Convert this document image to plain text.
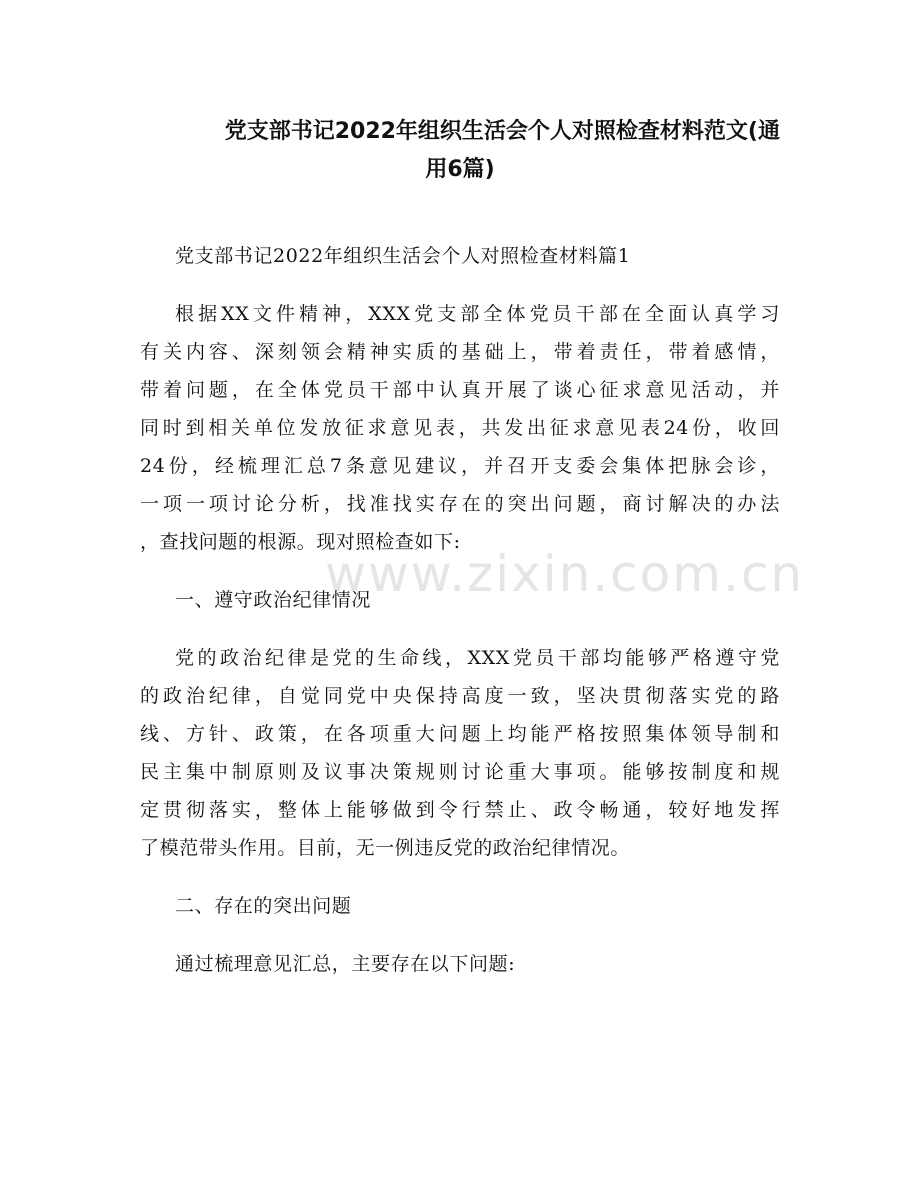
党支部书记2022年组织生活会个人对照检查材料范文(通
用6篇)
党支部书记2022年组织生活会个人对照检查材料篇1
根据XX文件精神，XXX党支部全体党员干部在全面认真学习
有关内容、深刻领会精神实质的基础上，带着责任，带着感情，
带着问题，在全体党员干部中认真开展了谈心征求意见活动，并
同时到相关单位发放征求意见表，共发出征求意见表24份，收回
24份，经梳理汇总7条意见建议，并召开支委会集体把脉会诊，
一项一项讨论分析，找准找实存在的突出问题，商讨解决的办法
，查找问题的根源。现对照检查如下:
一、遵守政治纪律情况
党的政治纪律是党的生命线，XXX党员干部均能够严格遵守党
的政治纪律，自觉同党中央保持高度一致，坚决贯彻落实党的路
线、方针、政策，在各项重大问题上均能严格按照集体领导制和
民主集中制原则及议事决策规则讨论重大事项。能够按制度和规
定贯彻落实，整体上能够做到令行禁止、政令畅通，较好地发挥
了模范带头作用。目前，无一例违反党的政治纪律情况。
二、存在的突出问题
通过梳理意见汇总，主要存在以下问题:
www.zixin.com.cn
